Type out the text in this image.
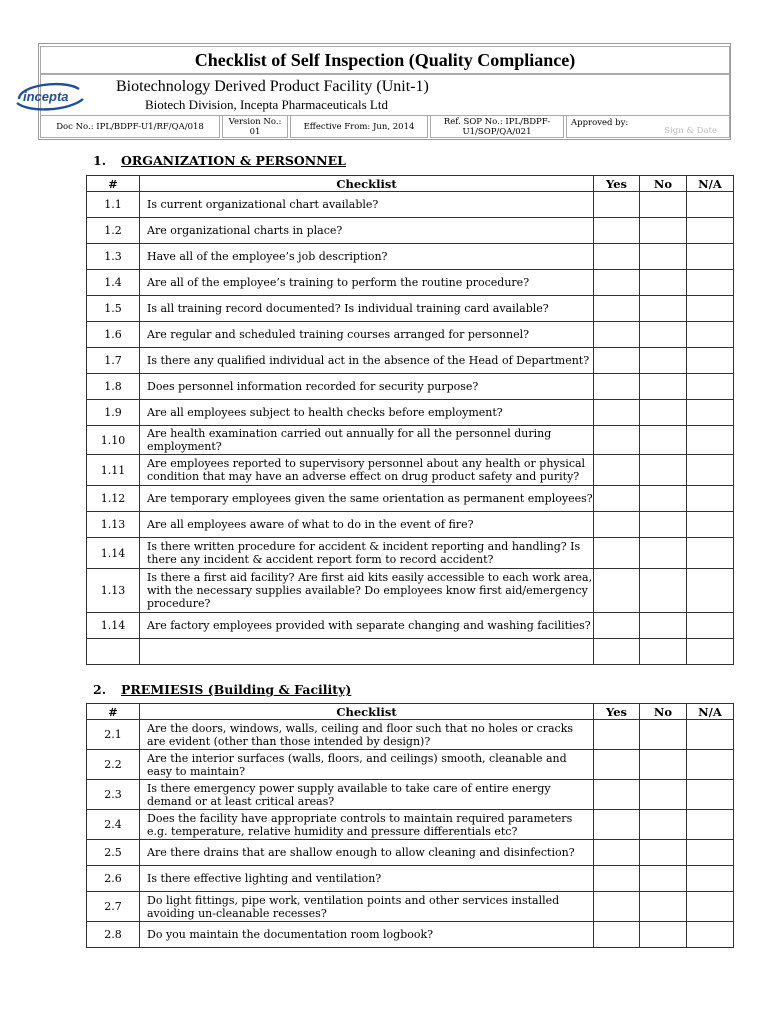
Checklist of Self Inspection (Quality Compliance)
incepta
Biotechnology Derived Product Facility (Unit-1)
Biotech Division, Incepta Pharmaceuticals Ltd
Doc No.: IPL/BDPF-U1/RF/QA/018	Version No.:
01	Effective From: Jun, 2014	Ref. SOP No.: IPL/BDPF-
U1/SOP/QA/021
Approved by:
Sign & Date
1. ORGANIZATION & PERSONNEL
#	Checklist	Yes	No	N/A
1.1	Is current organizational chart available?			
1.2	Are organizational charts in place?			
1.3	Have all of the employee’s job description?			
1.4	Are all of the employee’s training to perform the routine procedure?			
1.5	Is all training record documented? Is individual training card available?			
1.6	Are regular and scheduled training courses arranged for personnel?			
1.7	Is there any qualified individual act in the absence of the Head of Department?			
1.8	Does personnel information recorded for security purpose?			
1.9	Are all employees subject to health checks before employment?			
1.10	Are health examination carried out annually for all the personnel during employment?			
1.11	Are employees reported to supervisory personnel about any health or physical condition that may have an adverse effect on drug product safety and purity?			
1.12	Are temporary employees given the same orientation as permanent employees?			
1.13	Are all employees aware of what to do in the event of fire?			
1.14	Is there written procedure for accident & incident reporting and handling? Is there any incident & accident report form to record accident?			
1.13	Is there a first aid facility? Are first aid kits easily accessible to each work area, with the necessary supplies available? Do employees know first aid/emergency procedure?			
1.14	Are factory employees provided with separate changing and washing facilities?			

2. PREMIESIS (Building & Facility)
#	Checklist	Yes	No	N/A
2.1	Are the doors, windows, walls, ceiling and floor such that no holes or cracks are evident (other than those intended by design)?			
2.2	Are the interior surfaces (walls, floors, and ceilings) smooth, cleanable and easy to maintain?			
2.3	Is there emergency power supply available to take care of entire energy demand or at least critical areas?			
2.4	Does the facility have appropriate controls to maintain required parameters e.g. temperature, relative humidity and pressure differentials etc?			
2.5	Are there drains that are shallow enough to allow cleaning and disinfection?			
2.6	Is there effective lighting and ventilation?			
2.7	Do light fittings, pipe work, ventilation points and other services installed avoiding un-cleanable recesses?			
2.8	Do you maintain the documentation room logbook?			
